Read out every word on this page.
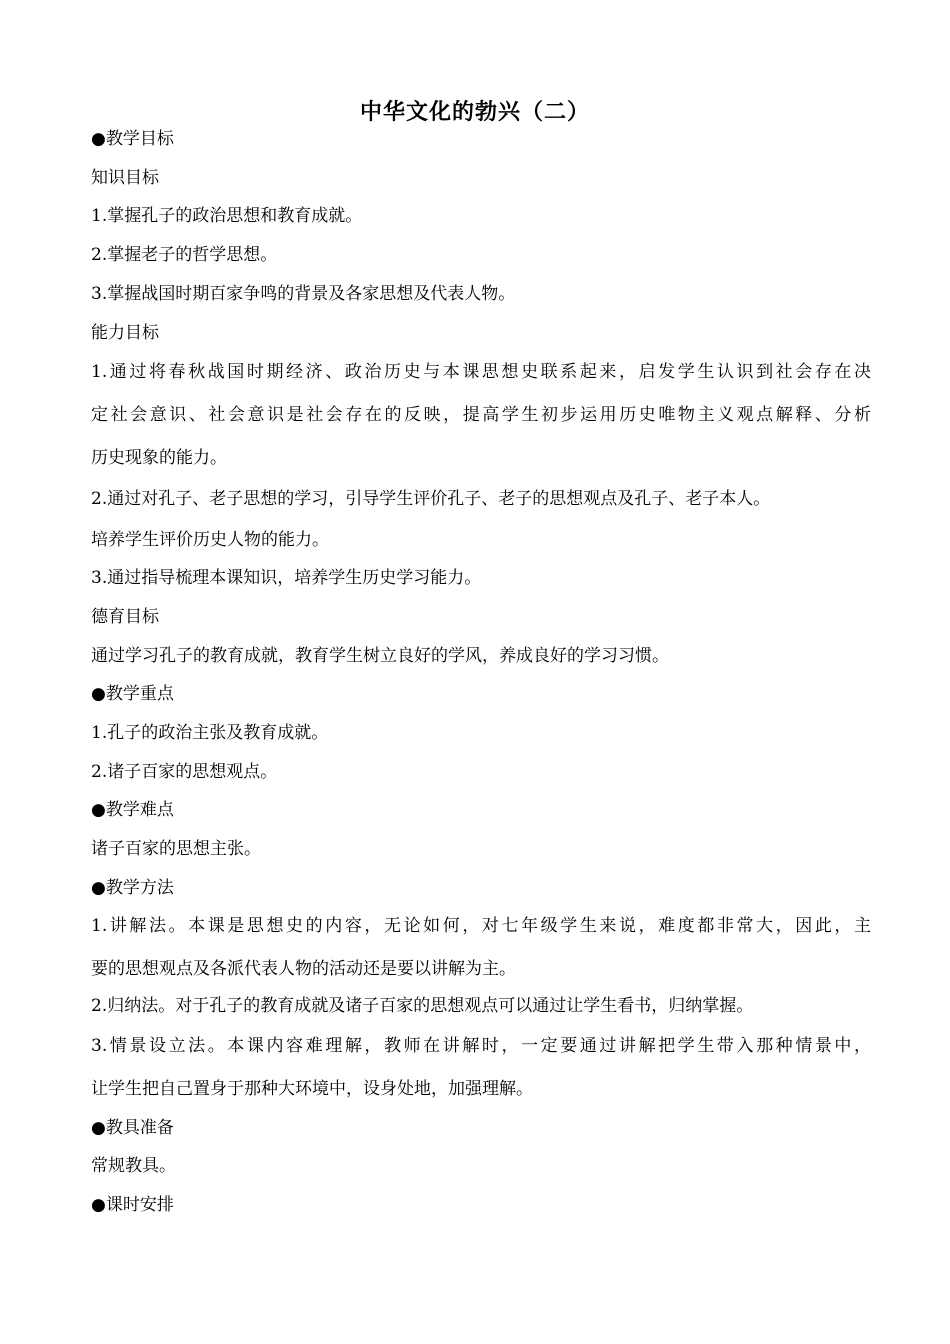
中华文化的勃兴（二）
●教学目标
知识目标
1.掌握孔子的政治思想和教育成就。
2.掌握老子的哲学思想。
3.掌握战国时期百家争鸣的背景及各家思想及代表人物。
能力目标
1.通过将春秋战国时期经济、政治历史与本课思想史联系起来，启发学生认识到社会存在决
定社会意识、社会意识是社会存在的反映，提高学生初步运用历史唯物主义观点解释、分析
历史现象的能力。
2.通过对孔子、老子思想的学习，引导学生评价孔子、老子的思想观点及孔子、老子本人。
培养学生评价历史人物的能力。
3.通过指导梳理本课知识，培养学生历史学习能力。
德育目标
通过学习孔子的教育成就，教育学生树立良好的学风，养成良好的学习习惯。
●教学重点
1.孔子的政治主张及教育成就。
2.诸子百家的思想观点。
●教学难点
诸子百家的思想主张。
●教学方法
1.讲解法。本课是思想史的内容，无论如何，对七年级学生来说，难度都非常大，因此，主
要的思想观点及各派代表人物的活动还是要以讲解为主。
2.归纳法。对于孔子的教育成就及诸子百家的思想观点可以通过让学生看书，归纳掌握。
3.情景设立法。本课内容难理解，教师在讲解时，一定要通过讲解把学生带入那种情景中，
让学生把自己置身于那种大环境中，设身处地，加强理解。
●教具准备
常规教具。
●课时安排
